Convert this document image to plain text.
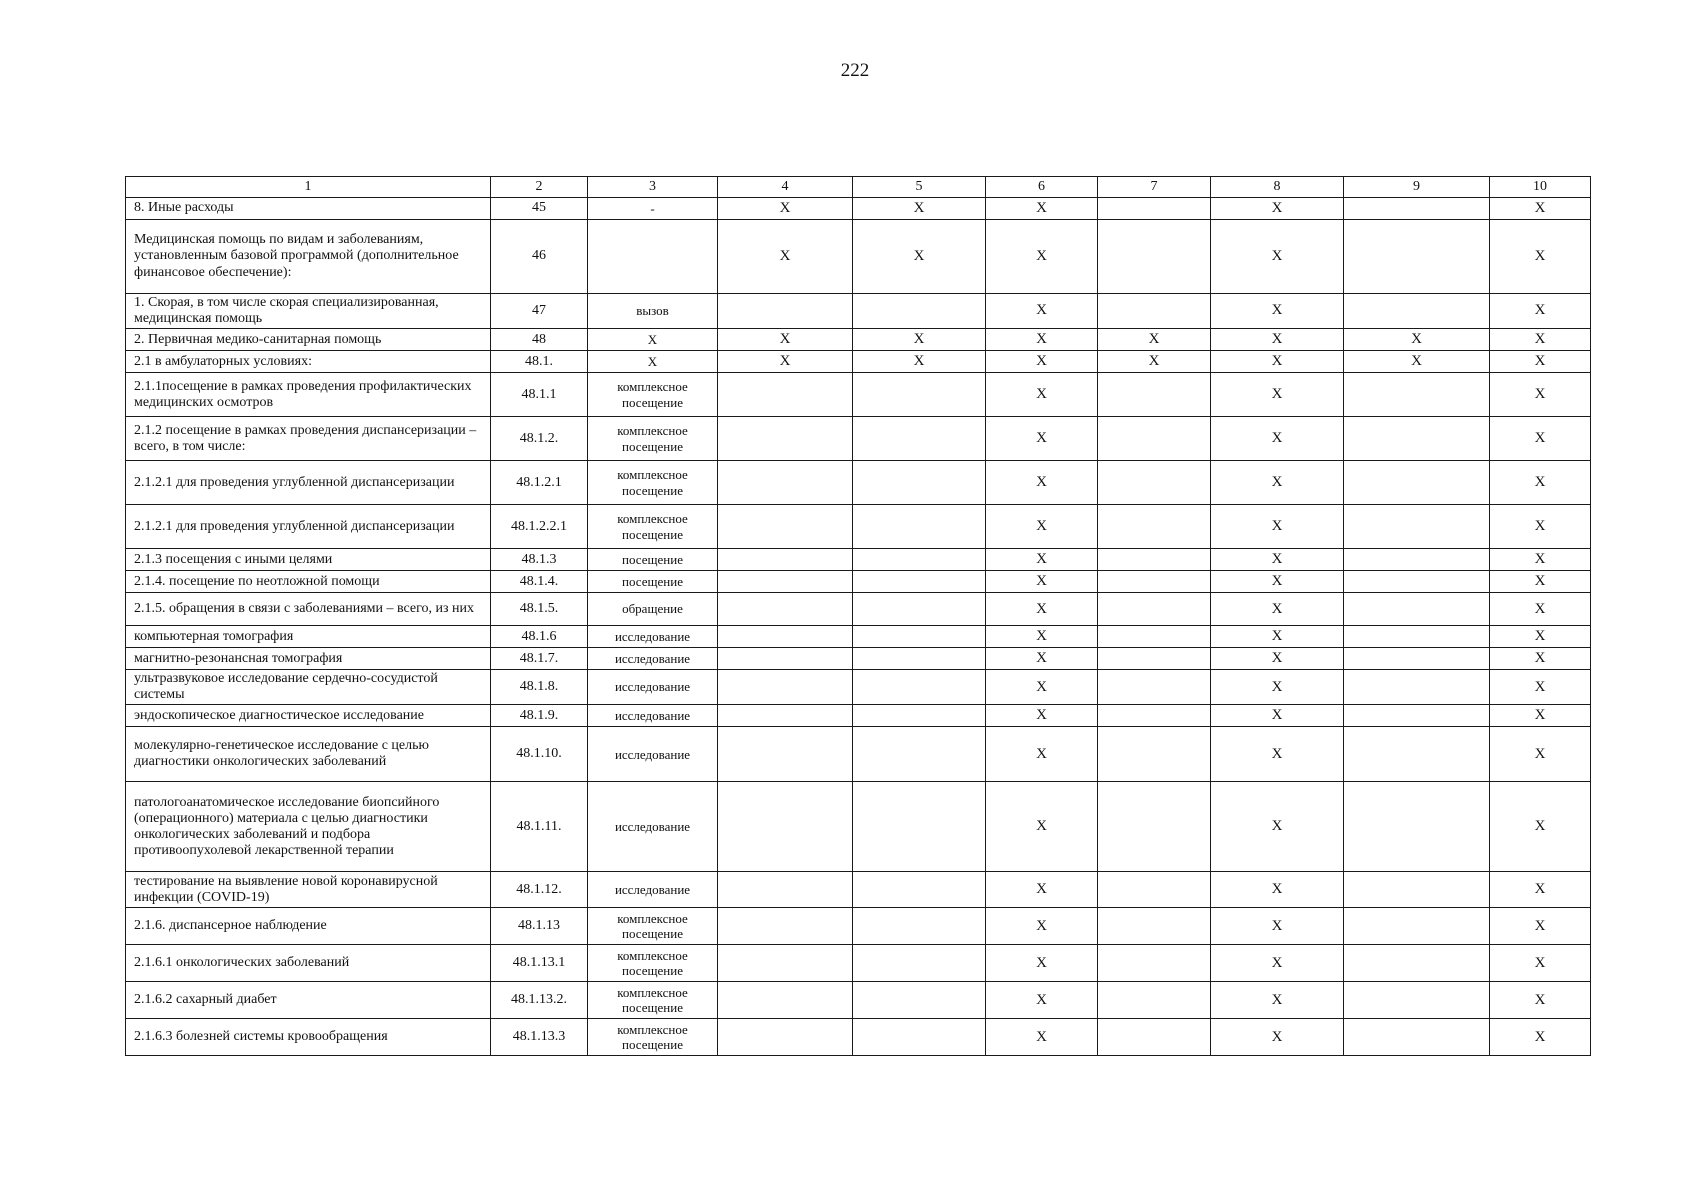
222
1	2	3	4	5	6	7	8	9	10
8. Иные расходы	45	-	X	X	X		X		X
Медицинская помощь по видам и заболеваниям, установленным базовой программой (дополнительное финансовое обеспечение):	46		X	X	X		X		X
1. Скорая, в том числе скорая специализированная, медицинская помощь	47	вызов			X		X		X
2. Первичная медико-санитарная помощь	48	X	X	X	X	X	X	X	X
2.1 в амбулаторных условиях:	48.1.	X	X	X	X	X	X	X	X
2.1.1посещение в рамках проведения профилактических медицинских осмотров	48.1.1	комплексное посещение			X		X		X
2.1.2 посещение в рамках проведения диспансеризации – всего, в том числе:	48.1.2.	комплексное посещение			X		X		X
2.1.2.1 для проведения углубленной диспансеризации	48.1.2.1	комплексное посещение			X		X		X
2.1.2.1 для проведения углубленной диспансеризации	48.1.2.2.1	комплексное посещение			X		X		X
2.1.3 посещения с иными целями	48.1.3	посещение			X		X		X
2.1.4. посещение по неотложной помощи	48.1.4.	посещение			X		X		X
2.1.5. обращения в связи с заболеваниями – всего, из них	48.1.5.	обращение			X		X		X
компьютерная томография	48.1.6	исследование			X		X		X
магнитно-резонансная томография	48.1.7.	исследование			X		X		X
ультразвуковое исследование сердечно-сосудистой системы	48.1.8.	исследование			X		X		X
эндоскопическое диагностическое исследование	48.1.9.	исследование			X		X		X
молекулярно-генетическое исследование с целью диагностики онкологических заболеваний	48.1.10.	исследование			X		X		X
патологоанатомическое исследование биопсийного (операционного) материала с целью диагностики онкологических заболеваний и подбора противоопухолевой лекарственной терапии	48.1.11.	исследование			X		X		X
тестирование на выявление новой коронавирусной инфекции (COVID-19)	48.1.12.	исследование			X		X		X
2.1.6. диспансерное наблюдение	48.1.13	комплексное посещение			X		X		X
2.1.6.1 онкологических заболеваний	48.1.13.1	комплексное посещение			X		X		X
2.1.6.2 сахарный диабет	48.1.13.2.	комплексное посещение			X		X		X
2.1.6.3 болезней системы кровообращения	48.1.13.3	комплексное посещение			X		X		X
